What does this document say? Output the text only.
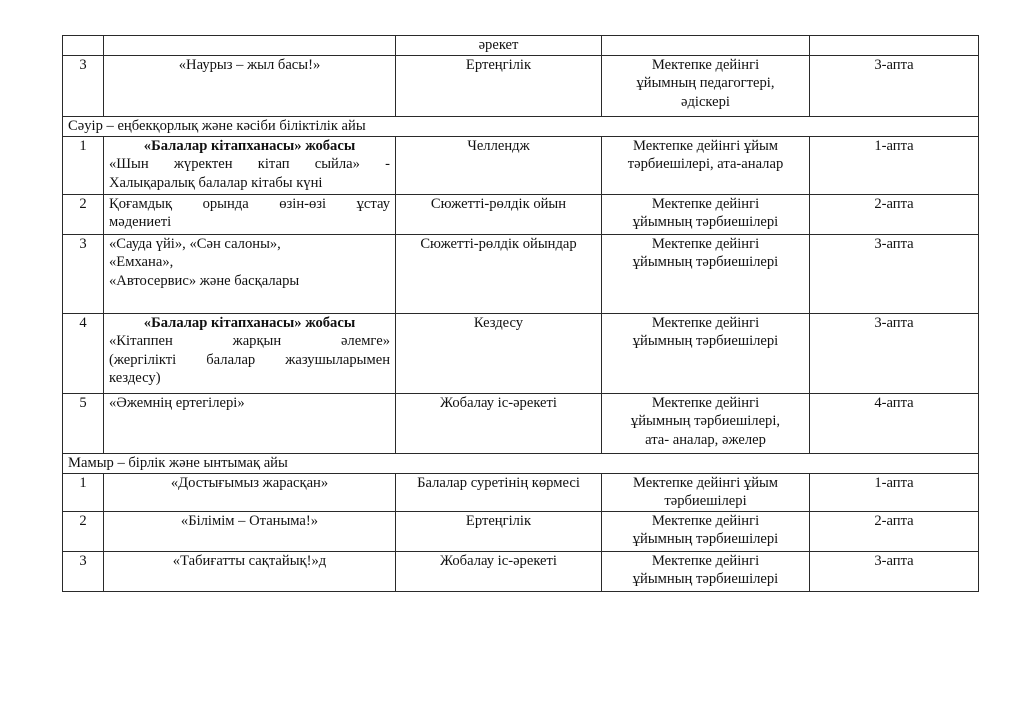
		әрекет		
3	«Наурыз – жыл басы!»	Ертеңгілік	Мектепке дейінгі
ұйымның педагогтері,
әдіскері	3-апта
Сәуір – еңбекқорлық және кәсіби біліктілік айы				
1	«Балалар кітапханасы» жобасы
«Шын жүректен кітап сыйла» -
Халықаралық балалар кітабы күні	Челлендж	Мектепке дейінгі ұйым
тәрбиешілері, ата-аналар	1-апта
2	Қоғамдық орында өзін-өзі ұстау
мәдениеті	Сюжетті-рөлдік ойын	Мектепке дейінгі
ұйымның тәрбиешілері	2-апта
3	«Сауда үйі», «Сән салоны»,
«Емхана»,
«Автосервис» және басқалары	Сюжетті-рөлдік ойындар	Мектепке дейінгі
ұйымның тәрбиешілері	3-апта
4	«Балалар кітапханасы» жобасы
«Кітаппен жарқын әлемге»
(жергілікті балалар жазушыларымен
кездесу)	Кездесу	Мектепке дейінгі
ұйымның тәрбиешілері	3-апта
5	«Әжемнің ертегілері»	Жобалау іс-әрекеті	Мектепке дейінгі
ұйымның тәрбиешілері,
ата- аналар, әжелер	4-апта
Мамыр – бірлік және ынтымақ айы				
1	«Достығымыз жарасқан»	Балалар суретінің көрмесі	Мектепке дейінгі ұйым
тәрбиешілері	1-апта
2	«Білімім – Отаныма!»	Ертеңгілік	Мектепке дейінгі
ұйымның тәрбиешілері	2-апта
3	«Табиғатты сақтайық!»д	Жобалау іс-әрекеті	Мектепке дейінгі
ұйымның тәрбиешілері	3-апта
